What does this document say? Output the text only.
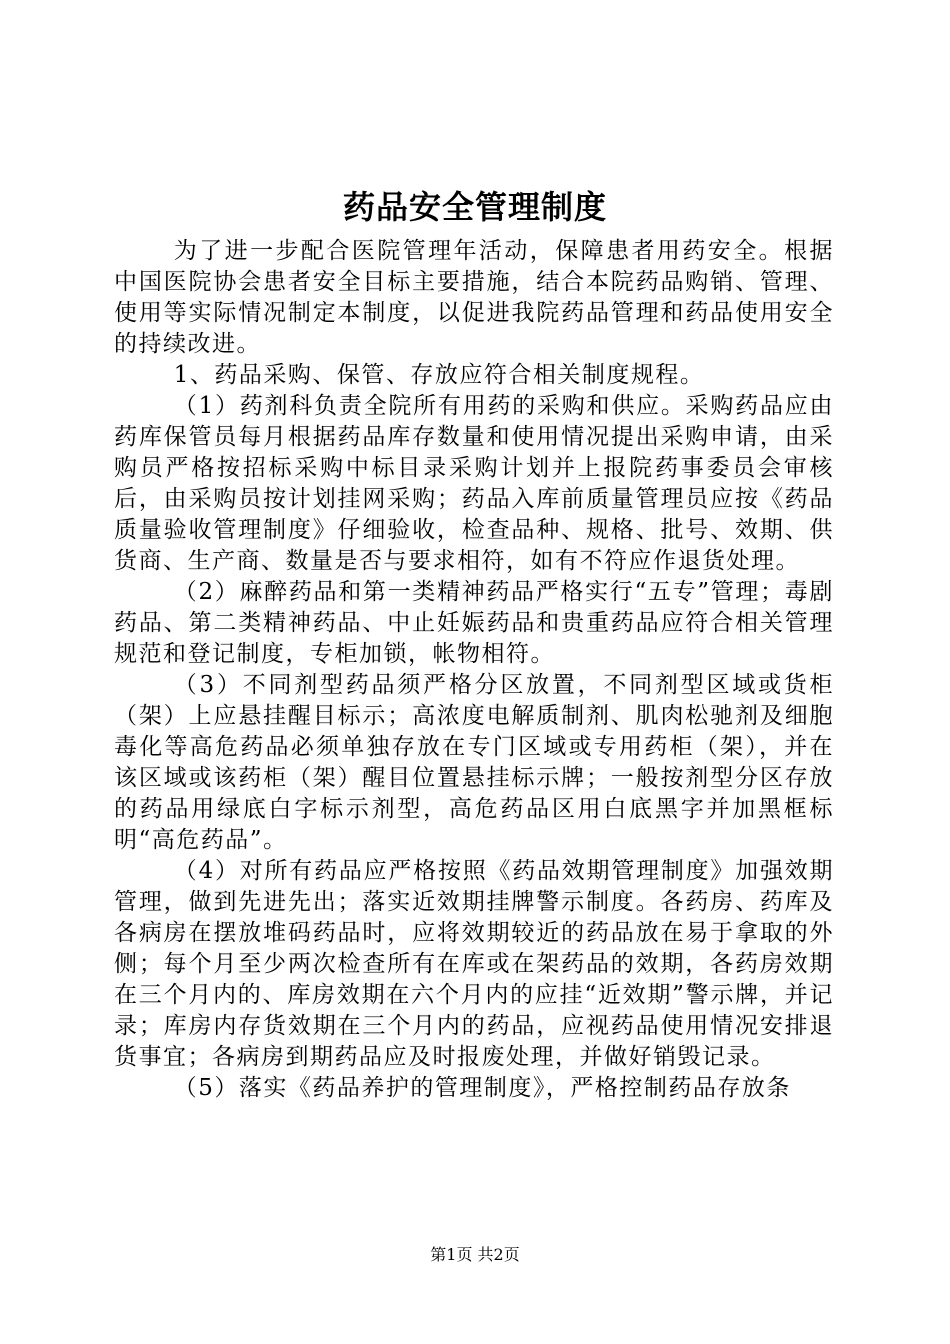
药品安全管理制度

为了进一步配合医院管理年活动，保障患者用药安全。根据中国医院协会患者安全目标主要措施，结合本院药品购销、管理、使用等实际情况制定本制度，以促进我院药品管理和药品使用安全的持续改进。

1、药品采购、保管、存放应符合相关制度规程。

（1）药剂科负责全院所有用药的采购和供应。采购药品应由药库保管员每月根据药品库存数量和使用情况提出采购申请，由采购员严格按招标采购中标目录采购计划并上报院药事委员会审核后，由采购员按计划挂网采购；药品入库前质量管理员应按《药品质量验收管理制度》仔细验收，检查品种、规格、批号、效期、供货商、生产商、数量是否与要求相符，如有不符应作退货处理。

（2）麻醉药品和第一类精神药品严格实行“五专”管理；毒剧药品、第二类精神药品、中止妊娠药品和贵重药品应符合相关管理规范和登记制度，专柜加锁，帐物相符。

（3）不同剂型药品须严格分区放置，不同剂型区域或货柜（架）上应悬挂醒目标示；高浓度电解质制剂、肌肉松驰剂及细胞毒化等高危药品必须单独存放在专门区域或专用药柜（架），并在该区域或该药柜（架）醒目位置悬挂标示牌；一般按剂型分区存放的药品用绿底白字标示剂型，高危药品区用白底黑字并加黑框标明“高危药品”。

（4）对所有药品应严格按照《药品效期管理制度》加强效期管理，做到先进先出；落实近效期挂牌警示制度。各药房、药库及各病房在摆放堆码药品时，应将效期较近的药品放在易于拿取的外侧；每个月至少两次检查所有在库或在架药品的效期，各药房效期在三个月内的、库房效期在六个月内的应挂“近效期”警示牌，并记录；库房内存货效期在三个月内的药品，应视药品使用情况安排退货事宜；各病房到期药品应及时报废处理，并做好销毁记录。

（5）落实《药品养护的管理制度》，严格控制药品存放条

第1页 共2页
